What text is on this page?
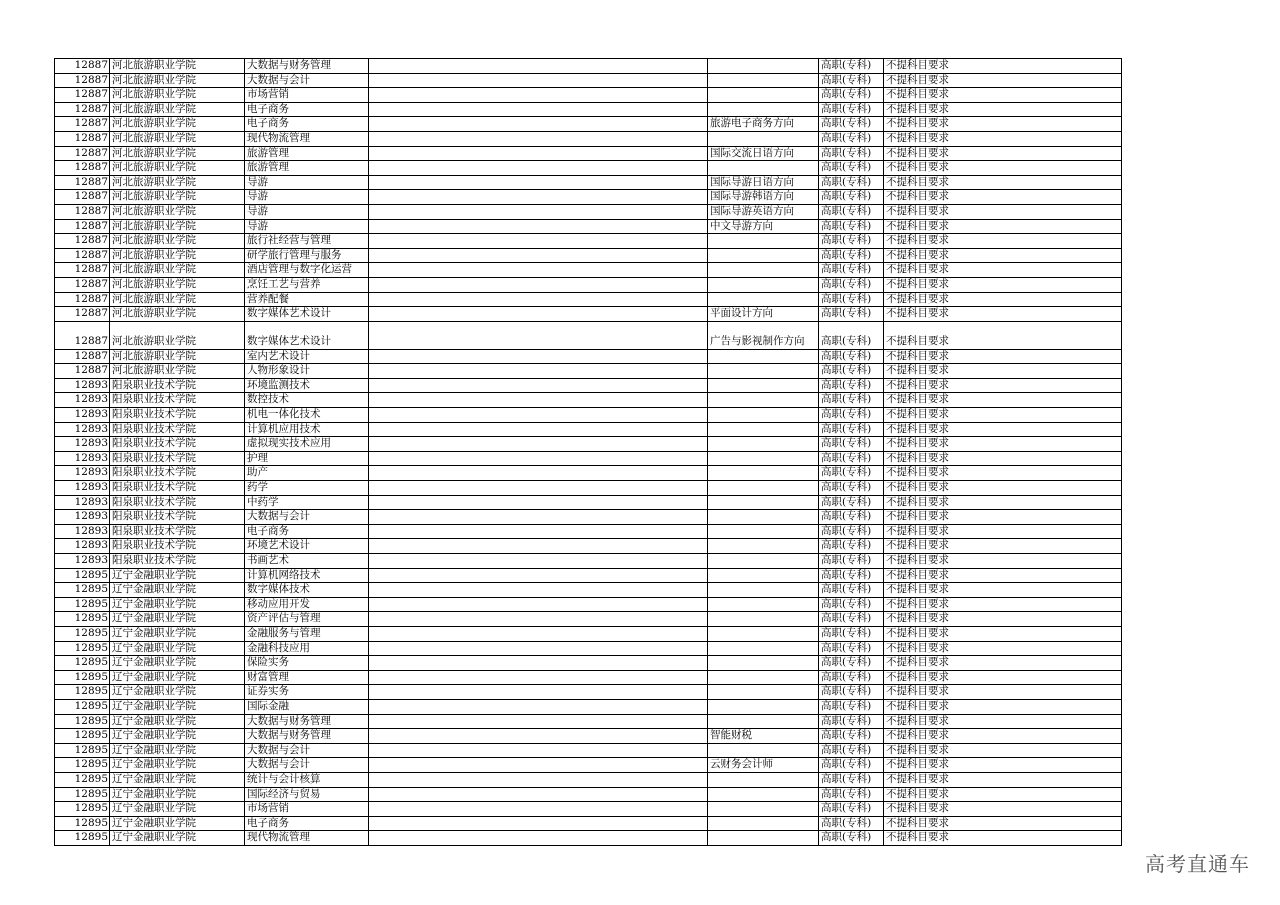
12887	河北旅游职业学院	大数据与财务管理			高职(专科)	不提科目要求
12887	河北旅游职业学院	大数据与会计			高职(专科)	不提科目要求
12887	河北旅游职业学院	市场营销			高职(专科)	不提科目要求
12887	河北旅游职业学院	电子商务			高职(专科)	不提科目要求
12887	河北旅游职业学院	电子商务		旅游电子商务方向	高职(专科)	不提科目要求
12887	河北旅游职业学院	现代物流管理			高职(专科)	不提科目要求
12887	河北旅游职业学院	旅游管理		国际交流日语方向	高职(专科)	不提科目要求
12887	河北旅游职业学院	旅游管理			高职(专科)	不提科目要求
12887	河北旅游职业学院	导游		国际导游日语方向	高职(专科)	不提科目要求
12887	河北旅游职业学院	导游		国际导游韩语方向	高职(专科)	不提科目要求
12887	河北旅游职业学院	导游		国际导游英语方向	高职(专科)	不提科目要求
12887	河北旅游职业学院	导游		中文导游方向	高职(专科)	不提科目要求
12887	河北旅游职业学院	旅行社经营与管理			高职(专科)	不提科目要求
12887	河北旅游职业学院	研学旅行管理与服务			高职(专科)	不提科目要求
12887	河北旅游职业学院	酒店管理与数字化运营			高职(专科)	不提科目要求
12887	河北旅游职业学院	烹饪工艺与营养			高职(专科)	不提科目要求
12887	河北旅游职业学院	营养配餐			高职(专科)	不提科目要求
12887	河北旅游职业学院	数字媒体艺术设计		平面设计方向	高职(专科)	不提科目要求
12887	河北旅游职业学院	数字媒体艺术设计		广告与影视制作方向	高职(专科)	不提科目要求
12887	河北旅游职业学院	室内艺术设计			高职(专科)	不提科目要求
12887	河北旅游职业学院	人物形象设计			高职(专科)	不提科目要求
12893	阳泉职业技术学院	环境监测技术			高职(专科)	不提科目要求
12893	阳泉职业技术学院	数控技术			高职(专科)	不提科目要求
12893	阳泉职业技术学院	机电一体化技术			高职(专科)	不提科目要求
12893	阳泉职业技术学院	计算机应用技术			高职(专科)	不提科目要求
12893	阳泉职业技术学院	虚拟现实技术应用			高职(专科)	不提科目要求
12893	阳泉职业技术学院	护理			高职(专科)	不提科目要求
12893	阳泉职业技术学院	助产			高职(专科)	不提科目要求
12893	阳泉职业技术学院	药学			高职(专科)	不提科目要求
12893	阳泉职业技术学院	中药学			高职(专科)	不提科目要求
12893	阳泉职业技术学院	大数据与会计			高职(专科)	不提科目要求
12893	阳泉职业技术学院	电子商务			高职(专科)	不提科目要求
12893	阳泉职业技术学院	环境艺术设计			高职(专科)	不提科目要求
12893	阳泉职业技术学院	书画艺术			高职(专科)	不提科目要求
12895	辽宁金融职业学院	计算机网络技术			高职(专科)	不提科目要求
12895	辽宁金融职业学院	数字媒体技术			高职(专科)	不提科目要求
12895	辽宁金融职业学院	移动应用开发			高职(专科)	不提科目要求
12895	辽宁金融职业学院	资产评估与管理			高职(专科)	不提科目要求
12895	辽宁金融职业学院	金融服务与管理			高职(专科)	不提科目要求
12895	辽宁金融职业学院	金融科技应用			高职(专科)	不提科目要求
12895	辽宁金融职业学院	保险实务			高职(专科)	不提科目要求
12895	辽宁金融职业学院	财富管理			高职(专科)	不提科目要求
12895	辽宁金融职业学院	证券实务			高职(专科)	不提科目要求
12895	辽宁金融职业学院	国际金融			高职(专科)	不提科目要求
12895	辽宁金融职业学院	大数据与财务管理			高职(专科)	不提科目要求
12895	辽宁金融职业学院	大数据与财务管理		智能财税	高职(专科)	不提科目要求
12895	辽宁金融职业学院	大数据与会计			高职(专科)	不提科目要求
12895	辽宁金融职业学院	大数据与会计		云财务会计师	高职(专科)	不提科目要求
12895	辽宁金融职业学院	统计与会计核算			高职(专科)	不提科目要求
12895	辽宁金融职业学院	国际经济与贸易			高职(专科)	不提科目要求
12895	辽宁金融职业学院	市场营销			高职(专科)	不提科目要求
12895	辽宁金融职业学院	电子商务			高职(专科)	不提科目要求
12895	辽宁金融职业学院	现代物流管理			高职(专科)	不提科目要求
高考直通车
